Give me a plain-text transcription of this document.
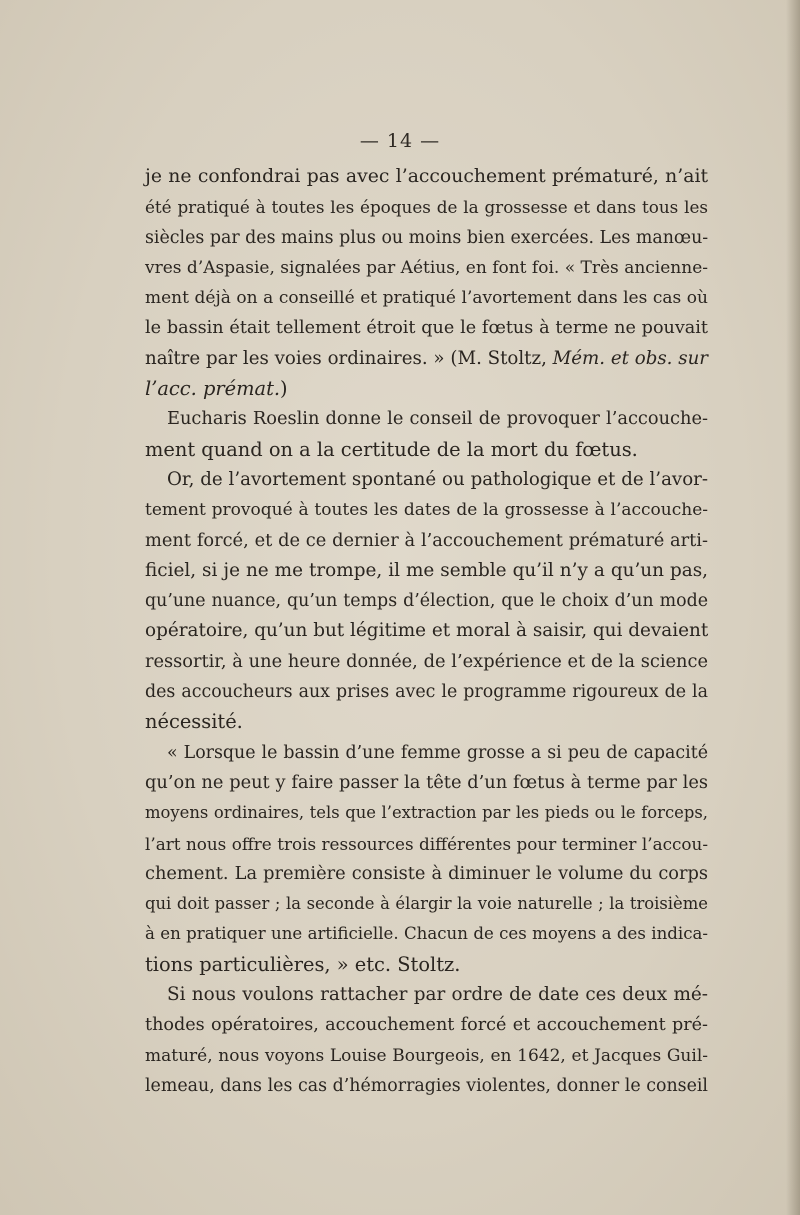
— 14 —
je ne confondrai pas avec l’accouchement prématuré, n’ait
été pratiqué à toutes les époques de la grossesse et dans tous les
siècles par des mains plus ou moins bien exercées. Les manœu-
vres d’Aspasie, signalées par Aétius, en font foi. « Très ancienne-
ment déjà on a conseillé et pratiqué l’avortement dans les cas où
le bassin était tellement étroit que le fœtus à terme ne pouvait
naître par les voies ordinaires. » (M. Stoltz, Mém. et obs. sur
l’acc. prémat.)
Eucharis Roeslin donne le conseil de provoquer l’accouche-
ment quand on a la certitude de la mort du fœtus.
Or, de l’avortement spontané ou pathologique et de l’avor-
tement provoqué à toutes les dates de la grossesse à l’accouche-
ment forcé, et de ce dernier à l’accouchement prématuré arti-
ficiel, si je ne me trompe, il me semble qu’il n’y a qu’un pas,
qu’une nuance, qu’un temps d’élection, que le choix d’un mode
opératoire, qu’un but légitime et moral à saisir, qui devaient
ressortir, à une heure donnée, de l’expérience et de la science
des accoucheurs aux prises avec le programme rigoureux de la
nécessité.
« Lorsque le bassin d’une femme grosse a si peu de capacité
qu’on ne peut y faire passer la tête d’un fœtus à terme par les
moyens ordinaires, tels que l’extraction par les pieds ou le forceps,
l’art nous offre trois ressources différentes pour terminer l’accou-
chement. La première consiste à diminuer le volume du corps
qui doit passer ; la seconde à élargir la voie naturelle ; la troisième
à en pratiquer une artificielle. Chacun de ces moyens a des indica-
tions particulières, » etc. Stoltz.
Si nous voulons rattacher par ordre de date ces deux mé-
thodes opératoires, accouchement forcé et accouchement pré-
maturé, nous voyons Louise Bourgeois, en 1642, et Jacques Guil-
lemeau, dans les cas d’hémorragies violentes, donner le conseil
